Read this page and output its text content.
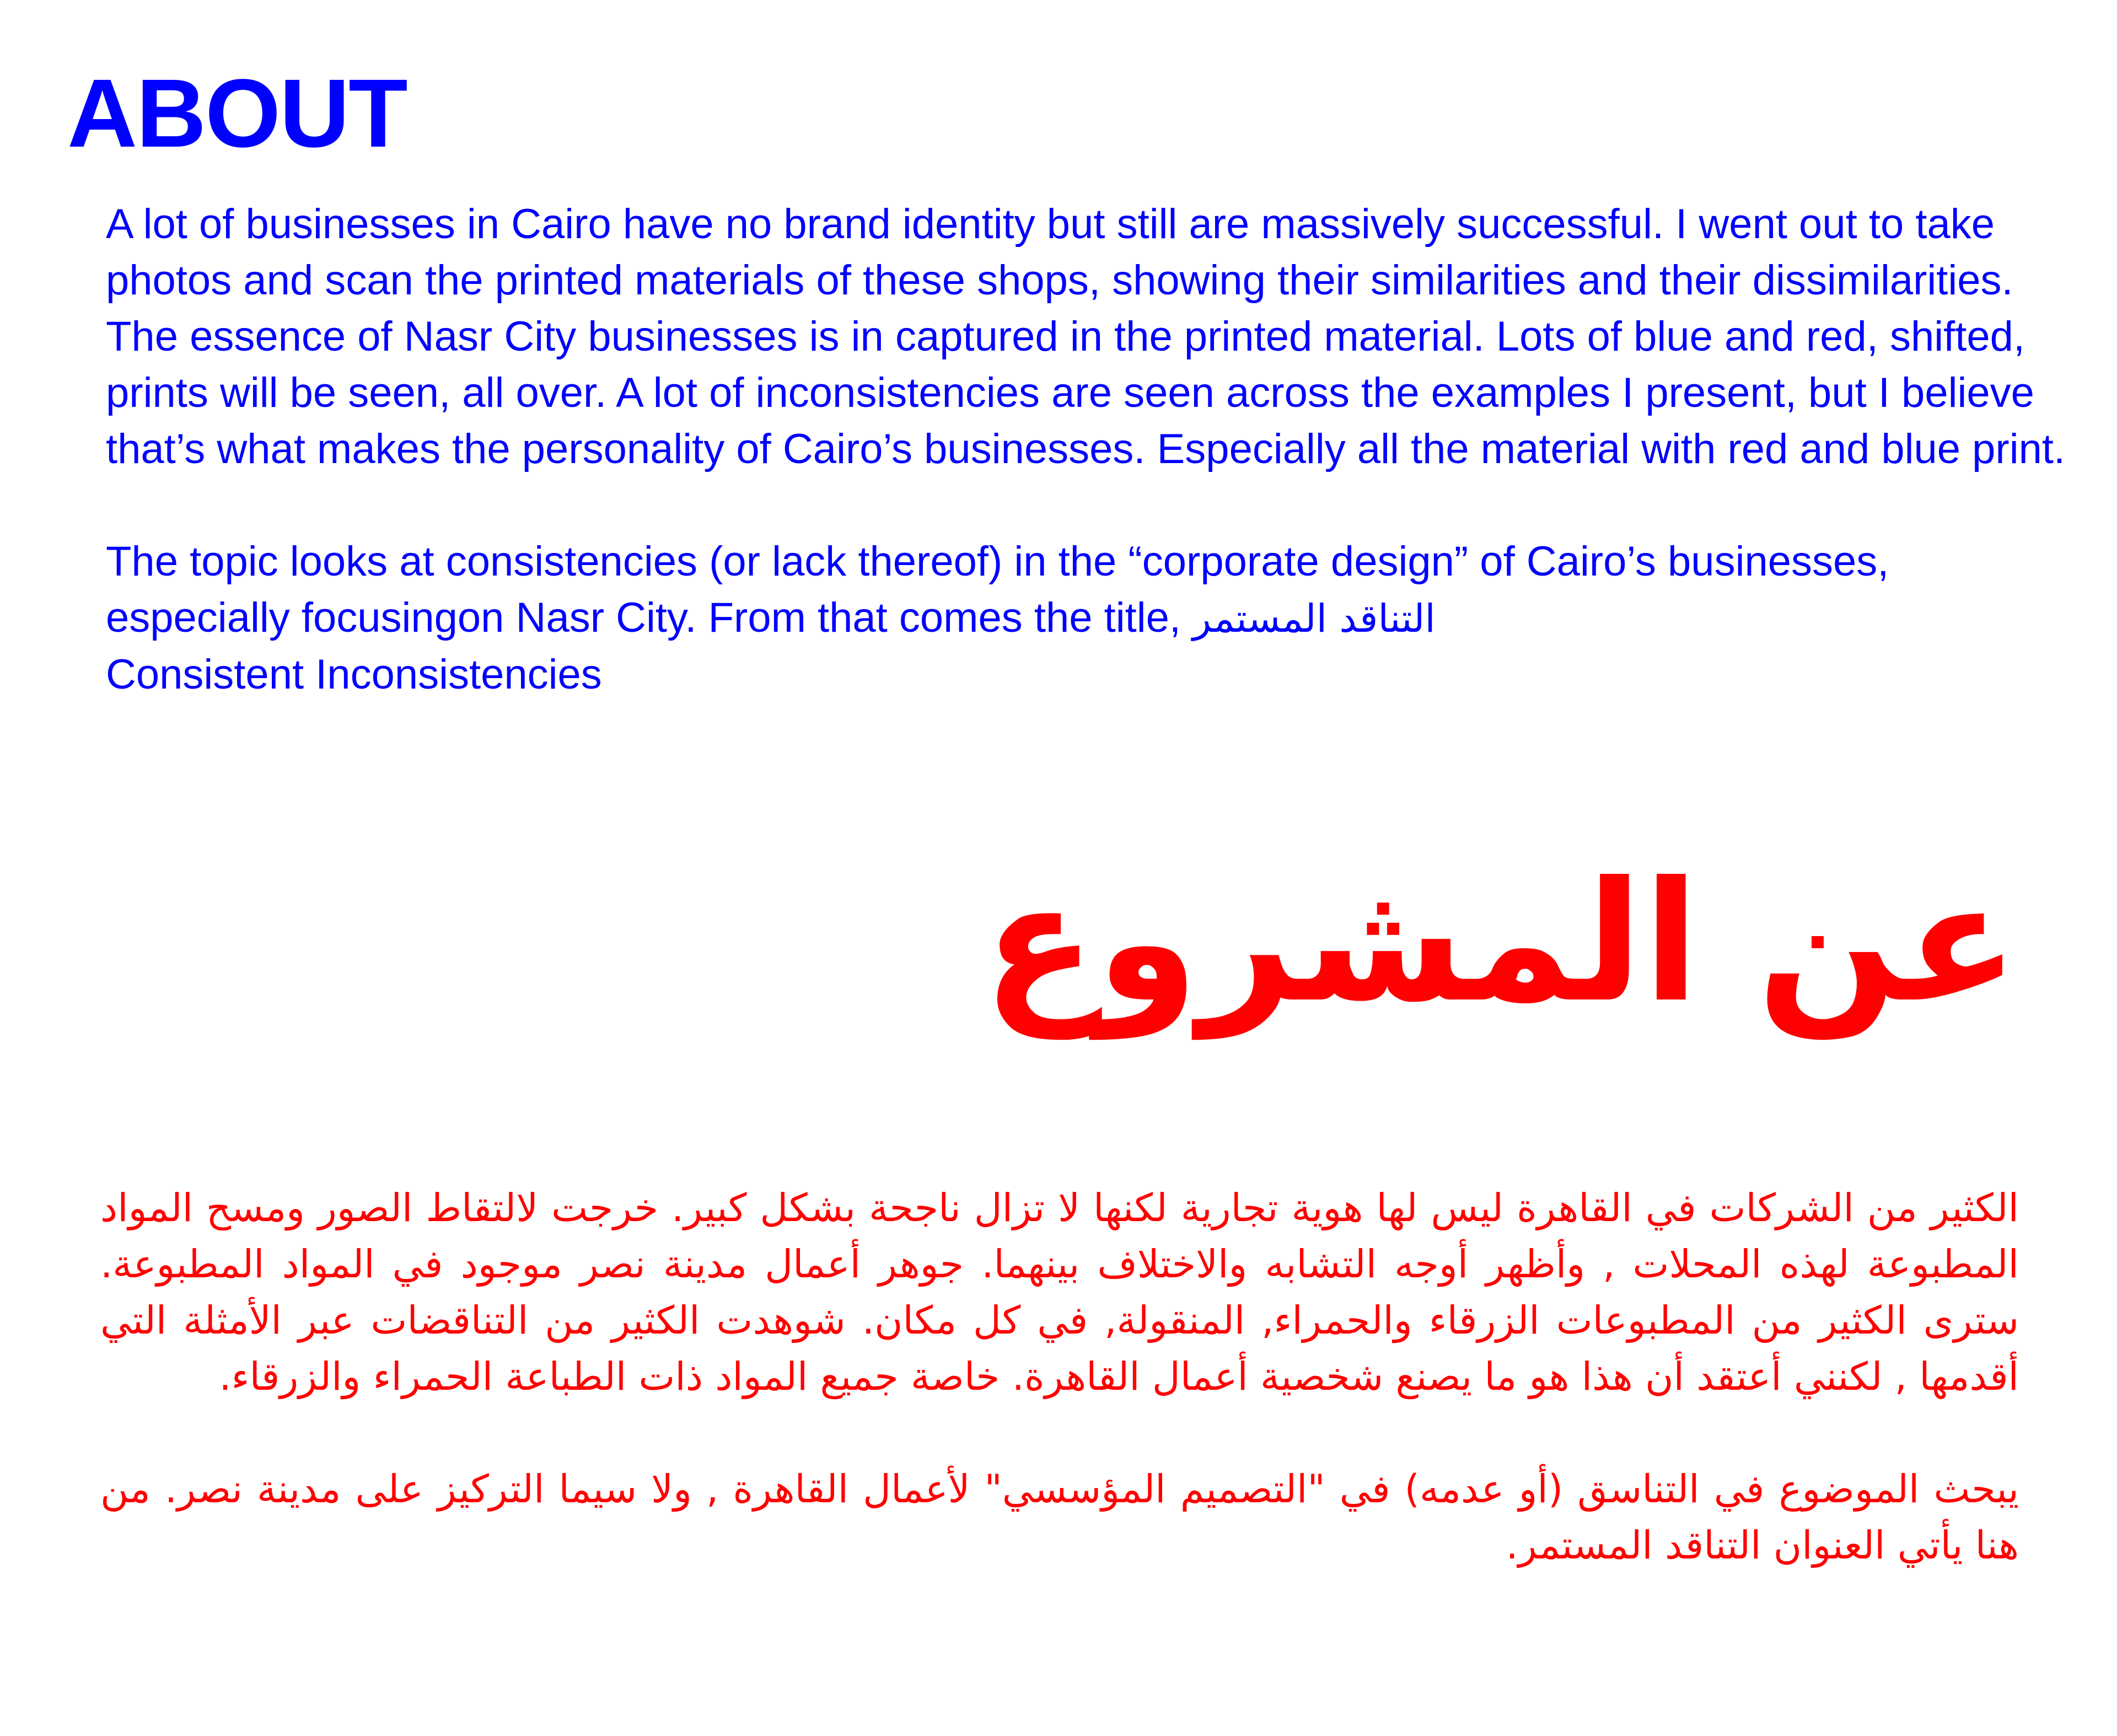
ABOUT

A lot of businesses in Cairo have no brand identity but still are massively successful. I went out to take photos and scan the printed materials of these shops, showing their similarities and their dissimilarities. The essence of Nasr City businesses is in captured in the printed material. Lots of blue and red, shifted, prints will be seen, all over. A lot of inconsistencies are seen across the examples I present, but I believe that’s what makes the personality of Cairo’s businesses. Especially all the material with red and blue print.

The topic looks at consistencies (or lack thereof) in the “corporate design” of Cairo’s businesses, especially focusingon Nasr City. From that comes the title, التناقد المستمر
Consistent Inconsistencies

عن المشروع

الكثير من الشركات في القاهرة ليس لها هوية تجارية لكنها لا تزال ناجحة بشكل كبير. خرجت لالتقاط الصور ومسح المواد المطبوعة لهذه المحلات , وأظهر أوجه التشابه والاختلاف بينهما. جوهر أعمال مدينة نصر موجود في المواد المطبوعة. سترى الكثير من المطبوعات الزرقاء والحمراء, المنقولة, في كل مكان. شوهدت الكثير من التناقضات عبر الأمثلة التي أقدمها , لكنني أعتقد أن هذا هو ما يصنع شخصية أعمال القاهرة. خاصة جميع المواد ذات الطباعة الحمراء والزرقاء.

يبحث الموضوع في التناسق (أو عدمه) في "التصميم المؤسسي" لأعمال القاهرة , ولا سيما التركيز على مدينة نصر. من هنا يأتي العنوان التناقد المستمر.
